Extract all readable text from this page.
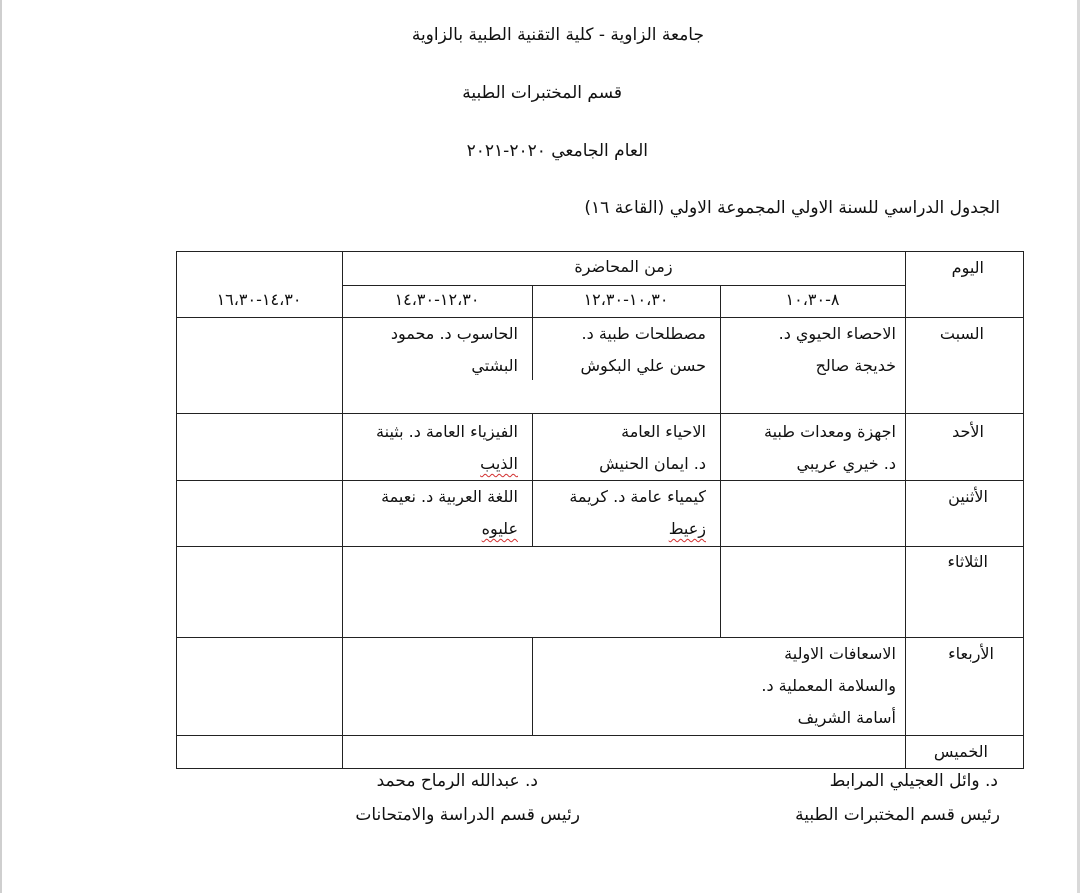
جامعة الزاوية - كلية التقنية الطبية بالزاوية
قسم المختبرات الطبية
العام الجامعي ٢٠٢٠-٢٠٢١
الجدول الدراسي للسنة الاولي المجموعة الاولي (القاعة ١٦)
اليوم
زمن المحاضرة
٨-١٠،٣٠
١٠،٣٠-١٢،٣٠
١٢،٣٠-١٤،٣٠
١٤،٣٠-١٦،٣٠
السبت
الأحد
الأثنين
الثلاثاء
الأربعاء
الخميس
الاحصاء الحيوي د.
خديجة صالح
مصطلحات طبية د.
حسن علي البكوش
الحاسوب د. محمود
البشتي
اجهزة ومعدات طبية
د. خيري عريبي
الاحياء العامة
د. ايمان الحنيش
الفيزياء العامة د. بثينة
الذيب
كيمياء عامة د. كريمة
زعيط
اللغة العربية د. نعيمة
عليوه
الاسعافات الاولية
والسلامة المعملية د.
أسامة الشريف
د. عبدالله الرماح محمد
رئيس قسم الدراسة والامتحانات
د. وائل العجيلي المرابط
رئيس قسم المختبرات الطبية
